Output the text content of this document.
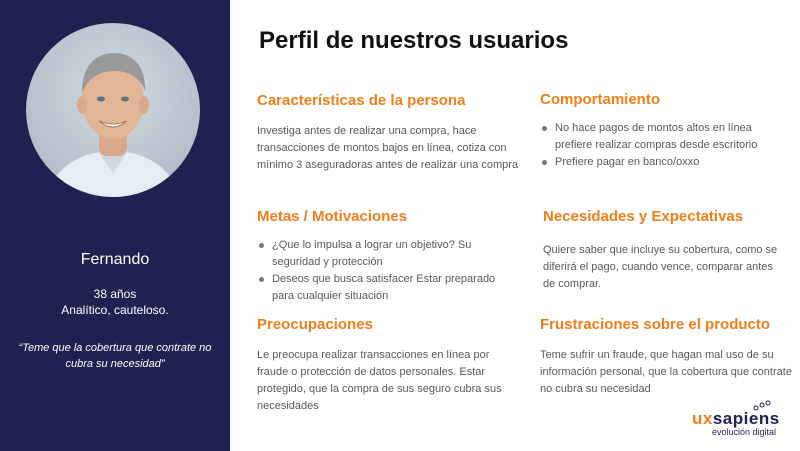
Fernando
38 años
Analítico, cauteloso.
“Teme que la cobertura que contrate no cubra su necesidad”
Perfil de nuestros usuarios
Características de la persona
Investiga antes de realizar una compra, hace transacciones de montos bajos en línea, cotiza con mínimo 3 aseguradoras antes de realizar una compra
Comportamiento
No hace pagos de montos altos en línea prefiere realizar compras desde escritorio
Prefiere pagar en banco/oxxo
Metas / Motivaciones
¿Que lo impulsa a lograr un objetivo? Su seguridad y protección
Deseos que busca satisfacer Estar preparado para cualquier situación
Necesidades y Expectativas
Quiere saber que incluye su cobertura, como se diferirá el pago, cuando vence, comparar antes de comprar.
Preocupaciones
Le preocupa realizar transacciones en línea por fraude o protección de datos personales. Estar protegido, que la compra de sus seguro cubra sus necesidades
Frustraciones sobre el producto
Teme sufrir un fraude, que hagan mal uso de su información personal, que la cobertura que contrate no cubra su necesidad
uxsapiens
evolución digital
